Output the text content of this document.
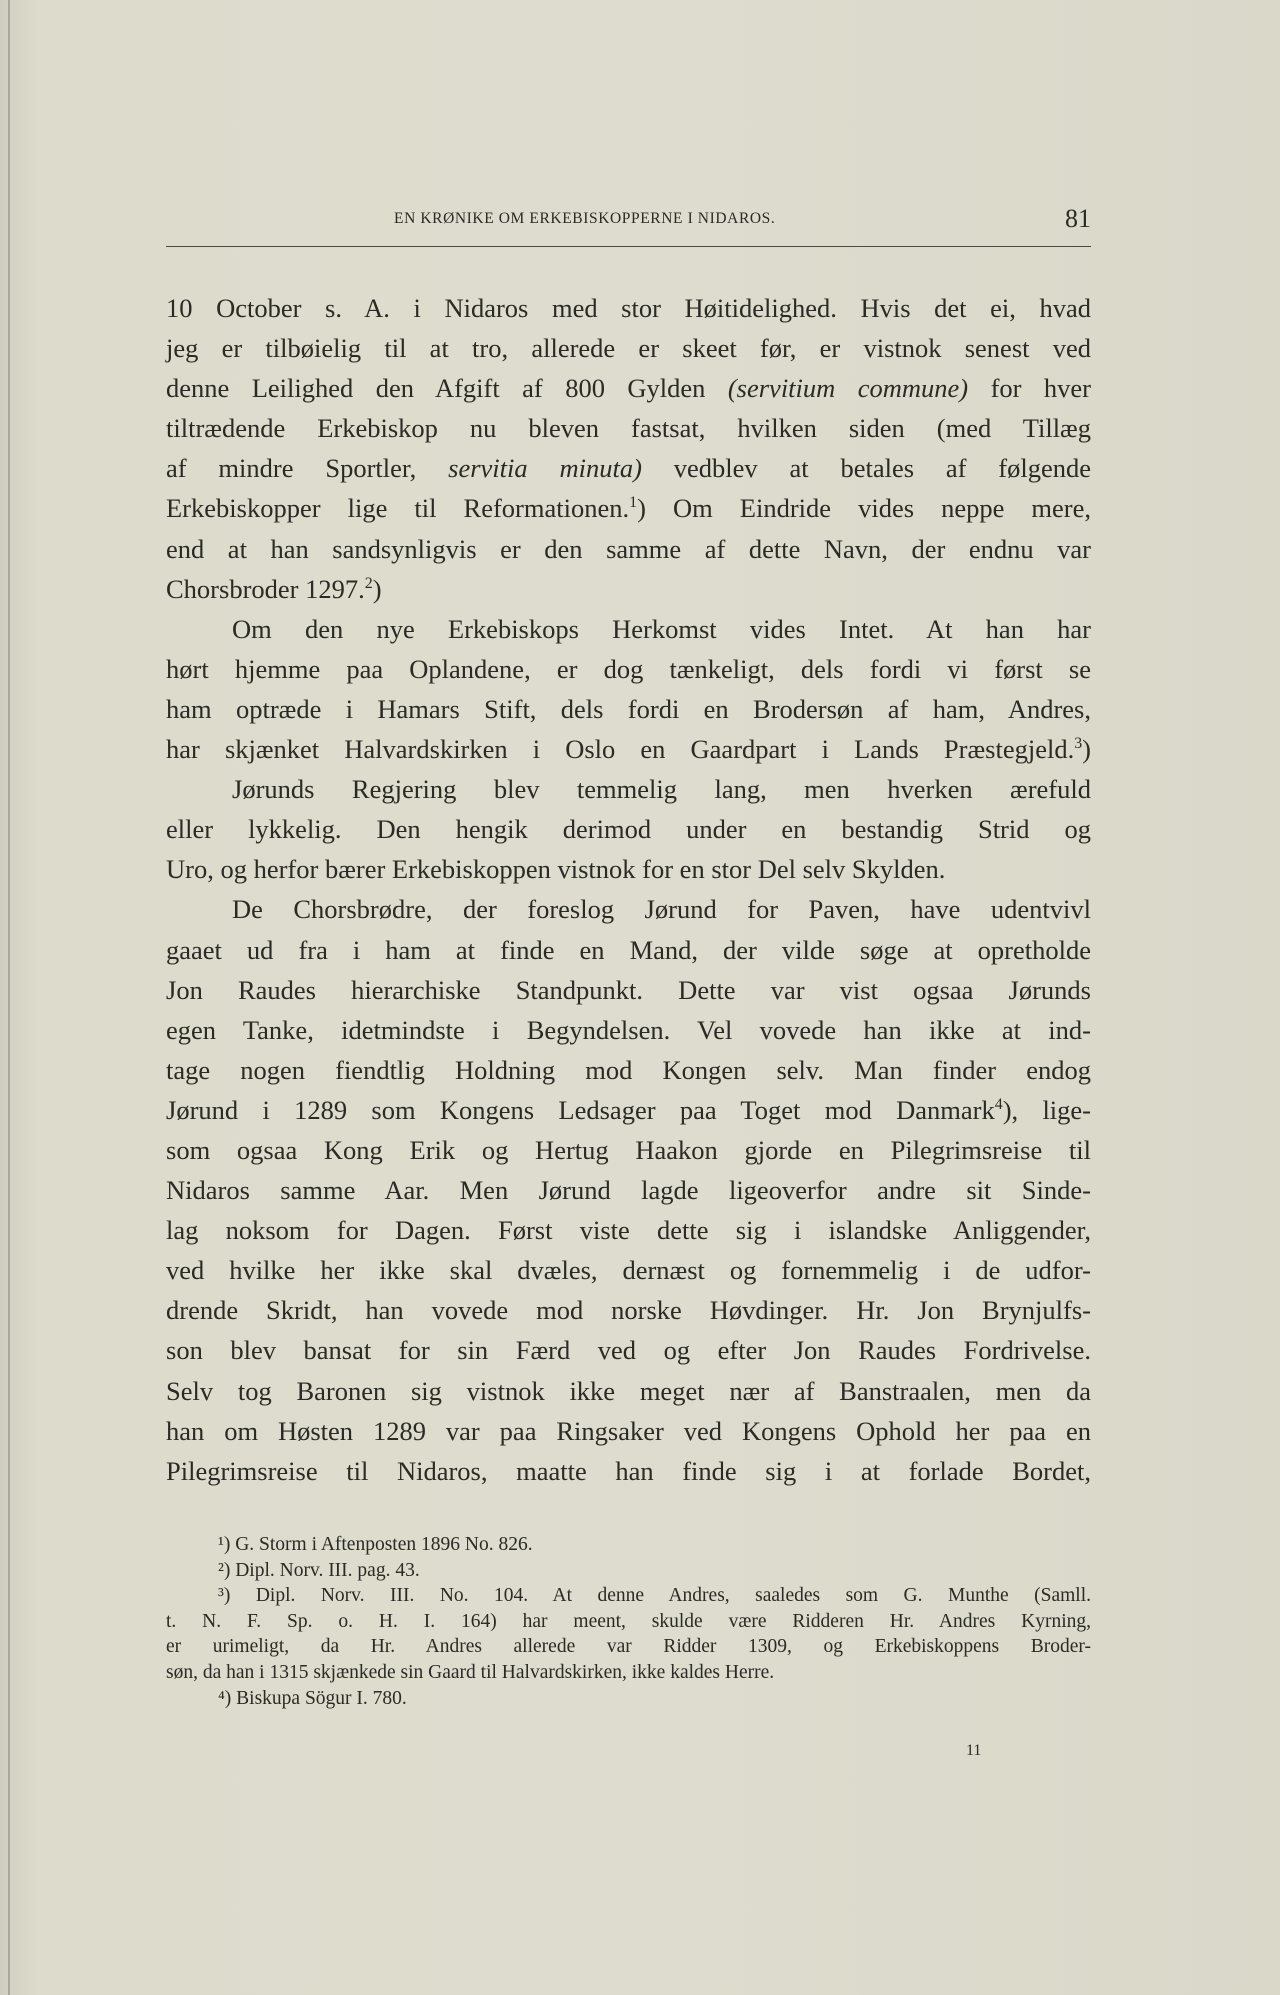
EN KRØNIKE OM ERKEBISKOPPERNE I NIDAROS.	81
10 October s. A. i Nidaros med stor Høitidelighed. Hvis det ei, hvad
jeg er tilbøielig til at tro, allerede er skeet før, er vistnok senest ved
denne Leilighed den Afgift af 800 Gylden (servitium commune) for hver
tiltrædende Erkebiskop nu bleven fastsat, hvilken siden (med Tillæg
af mindre Sportler, servitia minuta) vedblev at betales af følgende
Erkebiskopper lige til Reformationen.$^1$) Om Eindride vides neppe mere,
end at han sandsynligvis er den samme af dette Navn, der endnu var
Chorsbroder 1297.$^2$)
Om den nye Erkebiskops Herkomst vides Intet. At han har
hørt hjemme paa Oplandene, er dog tænkeligt, dels fordi vi først se
ham optræde i Hamars Stift, dels fordi en Brodersøn af ham, Andres,
har skjænket Halvardskirken i Oslo en Gaardpart i Lands Præstegjeld.$^3$)
Jørunds Regjering blev temmelig lang, men hverken ærefuld
eller lykkelig. Den hengik derimod under en bestandig Strid og
Uro, og herfor bærer Erkebiskoppen vistnok for en stor Del selv Skylden.
De Chorsbrødre, der foreslog Jørund for Paven, have udentvivl
gaaet ud fra i ham at finde en Mand, der vilde søge at opretholde
Jon Raudes hierarchiske Standpunkt. Dette var vist ogsaa Jørunds
egen Tanke, idetmindste i Begyndelsen. Vel vovede han ikke at ind-
tage nogen fiendtlig Holdning mod Kongen selv. Man finder endog
Jørund i 1289 som Kongens Ledsager paa Toget mod Danmark$^4$), lige-
som ogsaa Kong Erik og Hertug Haakon gjorde en Pilegrimsreise til
Nidaros samme Aar. Men Jørund lagde ligeoverfor andre sit Sinde-
lag noksom for Dagen. Først viste dette sig i islandske Anliggender,
ved hvilke her ikke skal dvæles, dernæst og fornemmelig i de udfor-
drende Skridt, han vovede mod norske Høvdinger. Hr. Jon Brynjulfs-
son blev bansat for sin Færd ved og efter Jon Raudes Fordrivelse.
Selv tog Baronen sig vistnok ikke meget nær af Banstraalen, men da
han om Høsten 1289 var paa Ringsaker ved Kongens Ophold her paa en
Pilegrimsreise til Nidaros, maatte han finde sig i at forlade Bordet,
¹) G. Storm i Aftenposten 1896 No. 826.
²) Dipl. Norv. III. pag. 43.
³) Dipl. Norv. III. No. 104. At denne Andres, saaledes som G. Munthe (Samll.
t. N. F. Sp. o. H. I. 164) har meent, skulde være Ridderen Hr. Andres Kyrning,
er urimeligt, da Hr. Andres allerede var Ridder 1309, og Erkebiskoppens Broder-
søn, da han i 1315 skjænkede sin Gaard til Halvardskirken, ikke kaldes Herre.
⁴) Biskupa Sögur I. 780.
11
